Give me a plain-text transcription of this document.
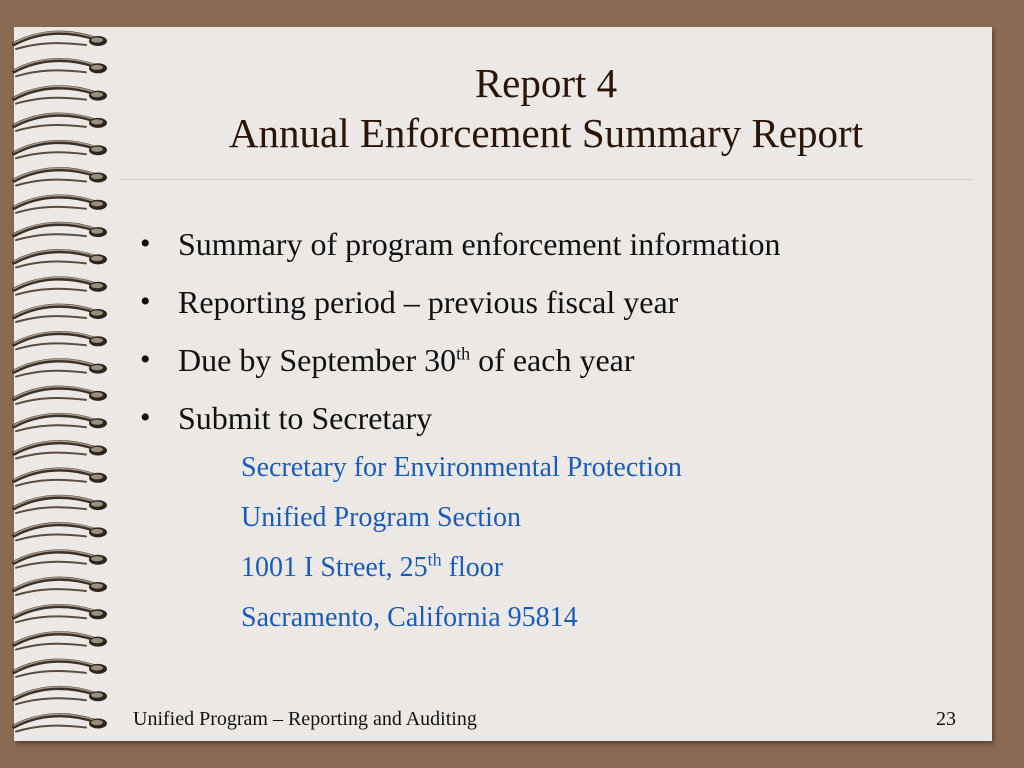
Report 4
Annual Enforcement Summary Report
• Summary of program enforcement information
• Reporting period – previous fiscal year
• Due by September 30th of each year
• Submit to Secretary
Secretary for Environmental Protection
Unified Program Section
1001 I Street, 25th floor
Sacramento, California 95814
Unified Program – Reporting and Auditing	23
